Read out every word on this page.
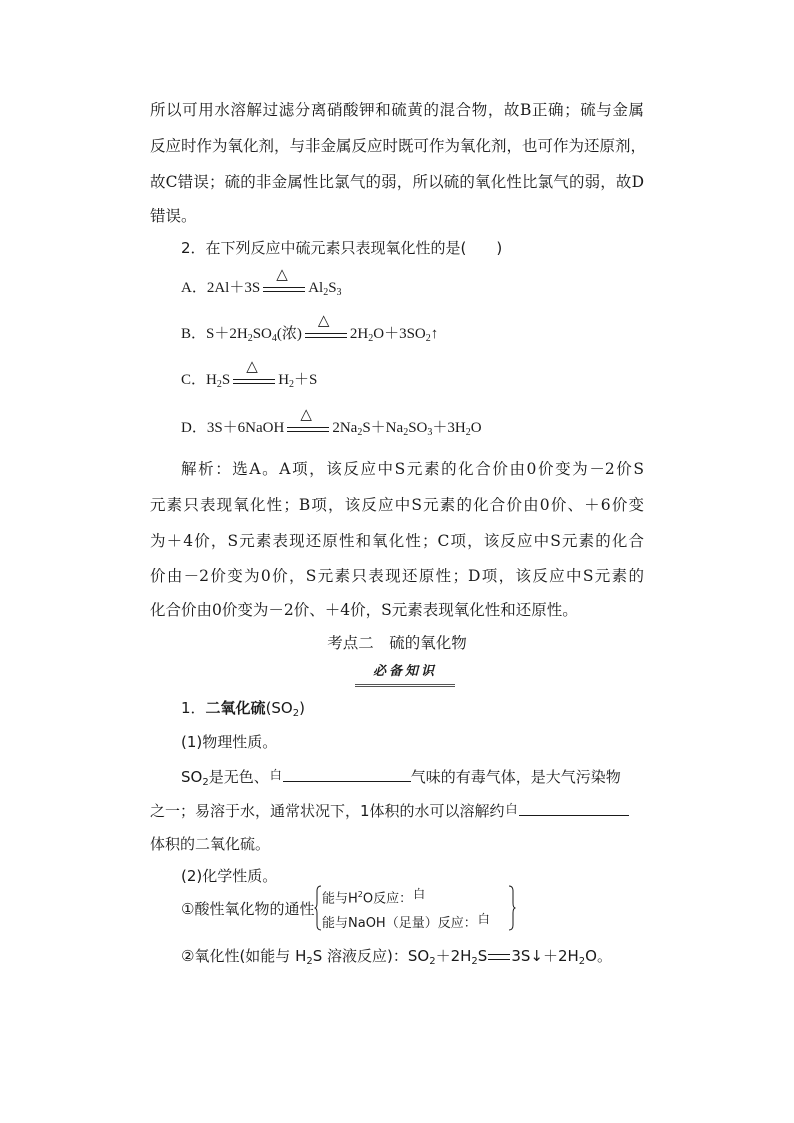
所以可用水溶解过滤分离硝酸钾和硫黄的混合物，故B正确；硫与金属
反应时作为氧化剂，与非金属反应时既可作为氧化剂，也可作为还原剂，
故C错误；硫的非金属性比氯气的弱，所以硫的氧化性比氯气的弱，故D
错误。
2．在下列反应中硫元素只表现氧化性的是(　　)
A．2Al＋3S
△
$Al_2S_3$
B．$S+2H_2SO_4$(浓)
△
$2H_2O+3SO_2↑$
C．$H_2S$
△
$H_2+S$
D．3S＋6NaOH
△
$2Na_2S+Na_2SO_3+3H_2O$
解析：选A。A项，该反应中S元素的化合价由0价变为－2价S
元素只表现氧化性；B项，该反应中S元素的化合价由0价、＋6价变
为＋4价，S元素表现还原性和氧化性；C项，该反应中S元素的化合
价由－2价变为0价，S元素只表现还原性；D项，该反应中S元素的
化合价由0价变为－2价、＋4价，S元素表现氧化性和还原性。
考点二　硫的氧化物
必备知识
1．二氧化硫$(SO_2)$
(1)物理性质。
$SO_2$是无色、 白	气味的有毒气体，是大气污染物
之一；易溶于水，通常状况下，1体积的水可以溶解约 白
体积的二氧化硫。
(2)化学性质。
①酸性氧化物的通性
能与$H^2O$反应： 白
能与NaOH（足量）反应： 白
②氧化性(如能与 $H_2S$ 溶液反应)：$SO_2+2H_2S$ $3S↓+2H_2O$。
